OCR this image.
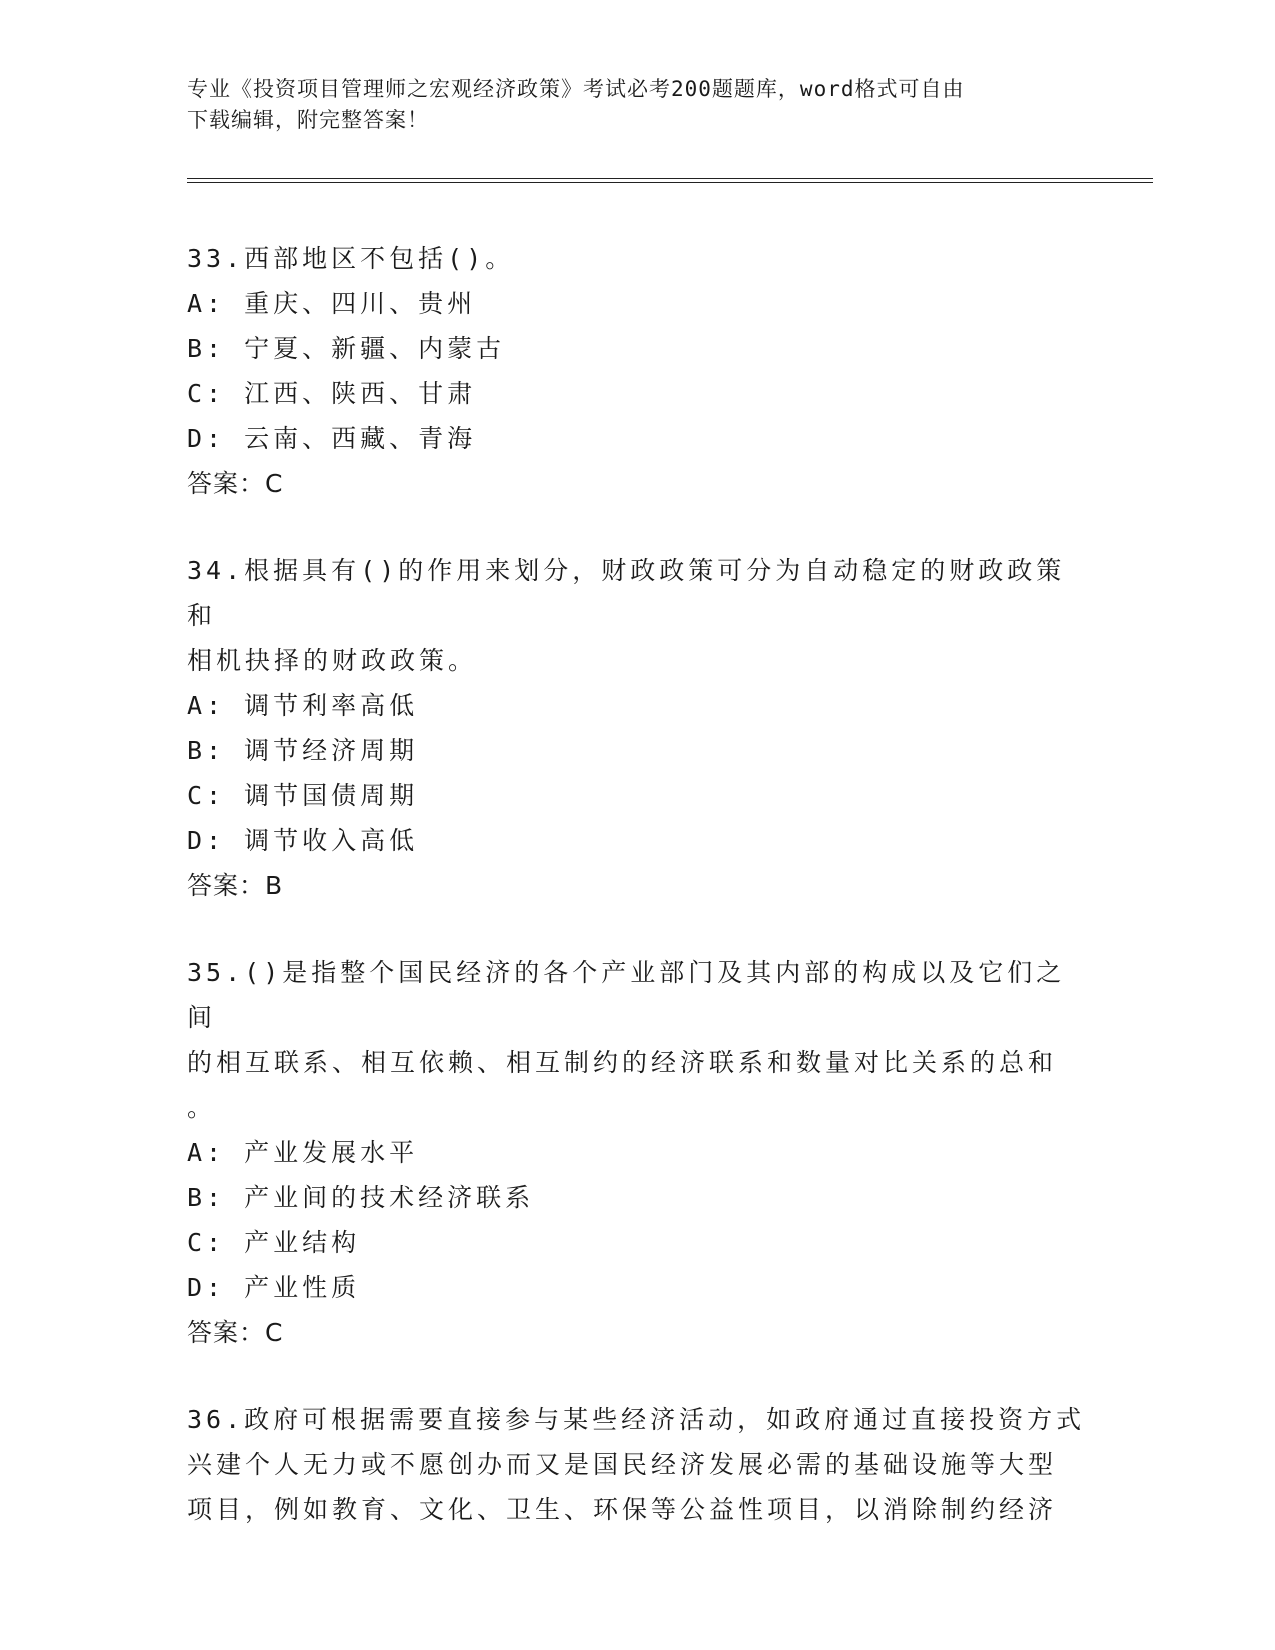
专业《投资项目管理师之宏观经济政策》考试必考200题题库，word格式可自由
下载编辑，附完整答案！
33.西部地区不包括()。
A: 重庆、四川、贵州
B: 宁夏、新疆、内蒙古
C: 江西、陕西、甘肃
D: 云南、西藏、青海
答案：C
34.根据具有()的作用来划分，财政政策可分为自动稳定的财政政策和
相机抉择的财政政策。
A: 调节利率高低
B: 调节经济周期
C: 调节国债周期
D: 调节收入高低
答案：B
35.()是指整个国民经济的各个产业部门及其内部的构成以及它们之间
的相互联系、相互依赖、相互制约的经济联系和数量对比关系的总和
。
A: 产业发展水平
B: 产业间的技术经济联系
C: 产业结构
D: 产业性质
答案：C
36.政府可根据需要直接参与某些经济活动，如政府通过直接投资方式
兴建个人无力或不愿创办而又是国民经济发展必需的基础设施等大型
项目，例如教育、文化、卫生、环保等公益性项目，以消除制约经济
